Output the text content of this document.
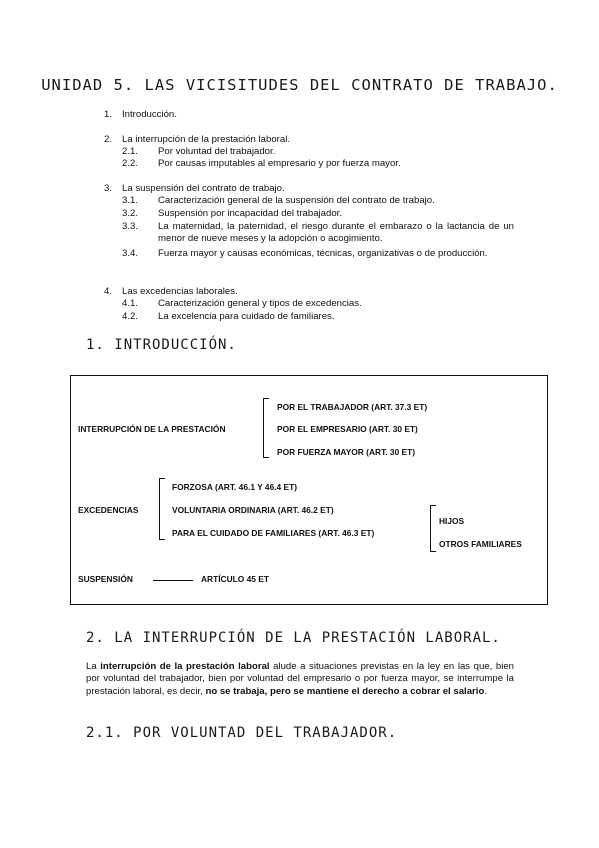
UNIDAD 5. LAS VICISITUDES DEL CONTRATO DE TRABAJO.
1. Introducción.
2. La interrupción de la prestación laboral.
2.1. Por voluntad del trabajador.
2.2. Por causas imputables al empresario y por fuerza mayor.
3. La suspensión del contrato de trabajo.
3.1. Caracterización general de la suspensión del contrato de trabajo.
3.2. Suspensión por incapacidad del trabajador.
3.3. La maternidad, la paternidad, el riesgo durante el embarazo o la lactancia de un menor de nueve meses y la adopción o acogimiento.
3.4. Fuerza mayor y causas económicas, técnicas, organizativas o de producción.
4. Las excedencias laborales.
4.1. Caracterización general y tipos de excedencias.
4.2. La excelencia para cuidado de familiares.
1. INTRODUCCIÓN.
INTERRUPCIÓN DE LA PRESTACIÓN
POR EL TRABAJADOR (ART. 37.3 ET)
POR EL EMPRESARIO (ART. 30 ET)
POR FUERZA MAYOR (ART. 30 ET)
EXCEDENCIAS
FORZOSA (ART. 46.1 Y 46.4 ET)
VOLUNTARIA ORDINARIA (ART. 46.2 ET)
PARA EL CUIDADO DE FAMILIARES (ART. 46.3 ET)
HIJOS
OTROS FAMILIARES
SUSPENSIÓN	ARTÍCULO 45 ET
2. LA INTERRUPCIÓN DE LA PRESTACIÓN LABORAL.
La interrupción de la prestación laboral alude a situaciones previstas en la ley en las que, bien por voluntad del trabajador, bien por voluntad del empresario o por fuerza mayor, se interrumpe la prestación laboral, es decir, no se trabaja, pero se mantiene el derecho a cobrar el salario.
2.1. POR VOLUNTAD DEL TRABAJADOR.
